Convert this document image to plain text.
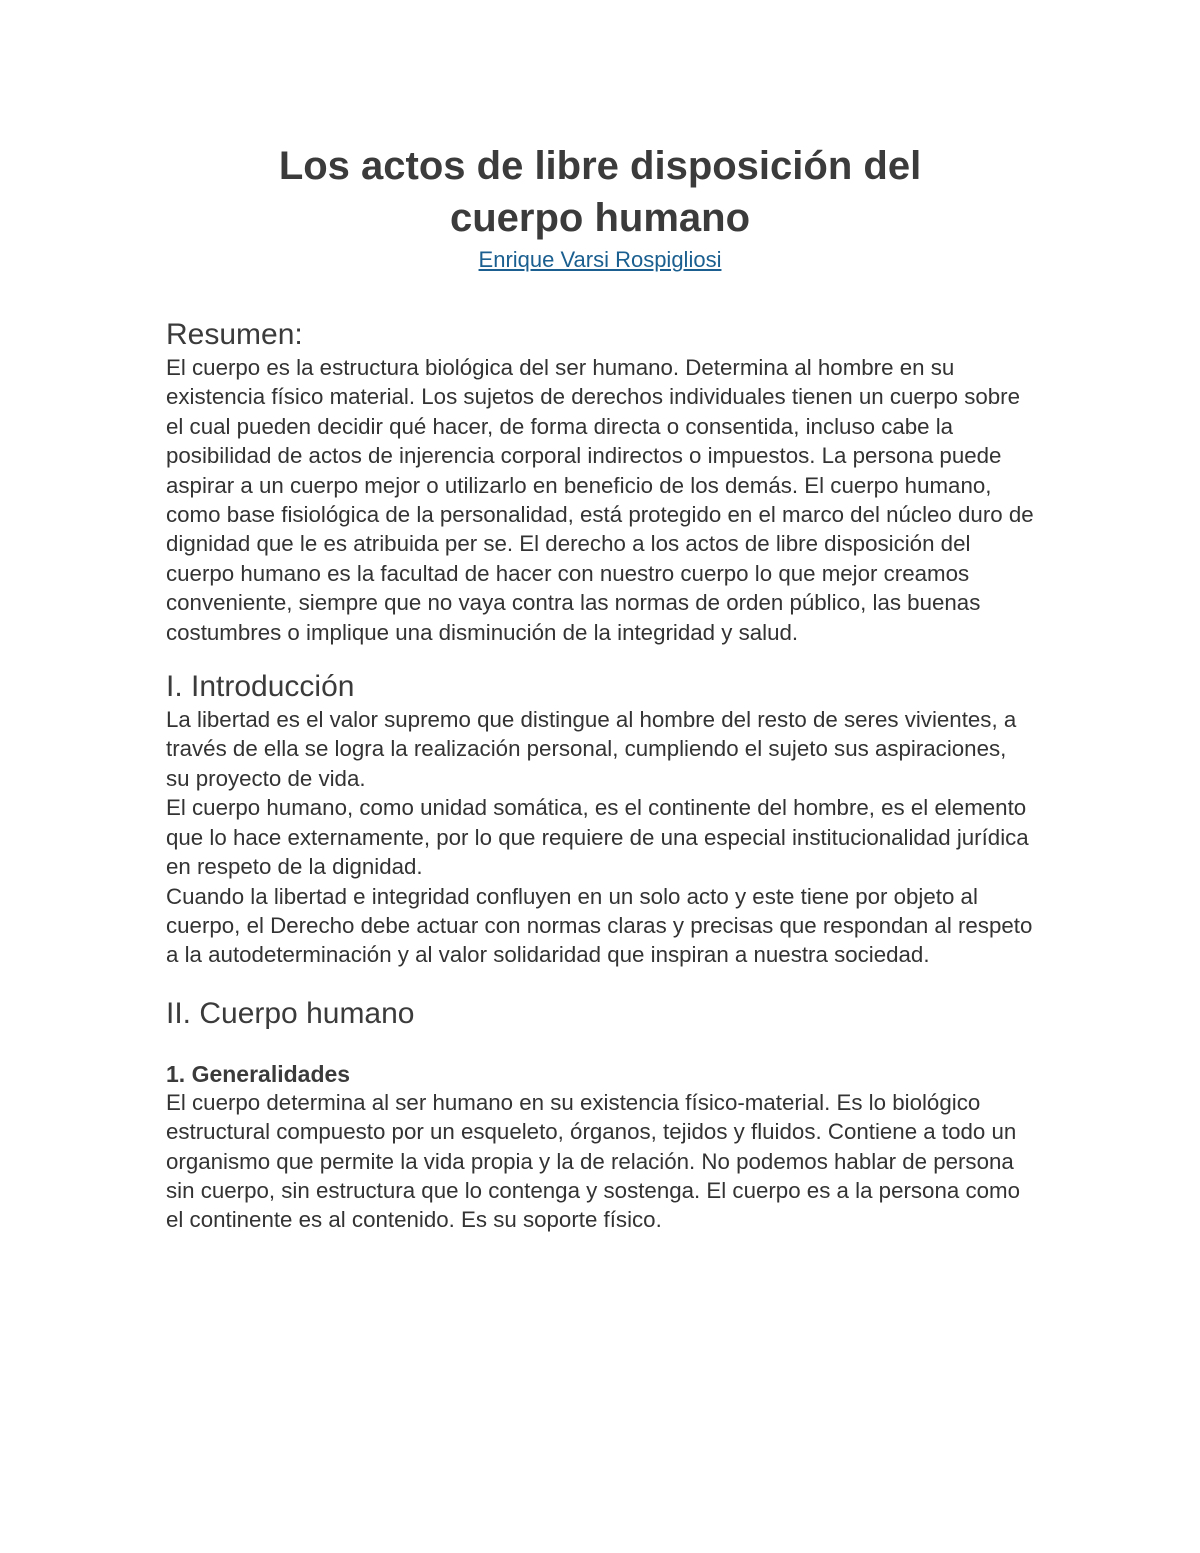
Los actos de libre disposición del
cuerpo humano
Enrique Varsi Rospigliosi
Resumen:

El cuerpo es la estructura biológica del ser humano. Determina al hombre en su existencia físico material. Los sujetos de derechos individuales tienen un cuerpo sobre el cual pueden decidir qué hacer, de forma directa o consentida, incluso cabe la posibilidad de actos de injerencia corporal indirectos o impuestos. La persona puede aspirar a un cuerpo mejor o utilizarlo en beneficio de los demás. El cuerpo humano, como base fisiológica de la personalidad, está protegido en el marco del núcleo duro de dignidad que le es atribuida per se. El derecho a los actos de libre disposición del cuerpo humano es la facultad de hacer con nuestro cuerpo lo que mejor creamos conveniente, siempre que no vaya contra las normas de orden público, las buenas costumbres o implique una disminución de la integridad y salud.

I. Introducción

La libertad es el valor supremo que distingue al hombre del resto de seres vivientes, a través de ella se logra la realización personal, cumpliendo el sujeto sus aspiraciones, su proyecto de vida.

El cuerpo humano, como unidad somática, es el continente del hombre, es el elemento que lo hace externamente, por lo que requiere de una especial institucionalidad jurídica en respeto de la dignidad.

Cuando la libertad e integridad confluyen en un solo acto y este tiene por objeto al cuerpo, el Derecho debe actuar con normas claras y precisas que respondan al respeto a la autodeterminación y al valor solidaridad que inspiran a nuestra sociedad.

II. Cuerpo humano
1. Generalidades

El cuerpo determina al ser humano en su existencia físico-material. Es lo biológico estructural compuesto por un esqueleto, órganos, tejidos y fluidos. Contiene a todo un organismo que permite la vida propia y la de relación. No podemos hablar de persona sin cuerpo, sin estructura que lo contenga y sostenga. El cuerpo es a la persona como el continente es al contenido. Es su soporte físico.
